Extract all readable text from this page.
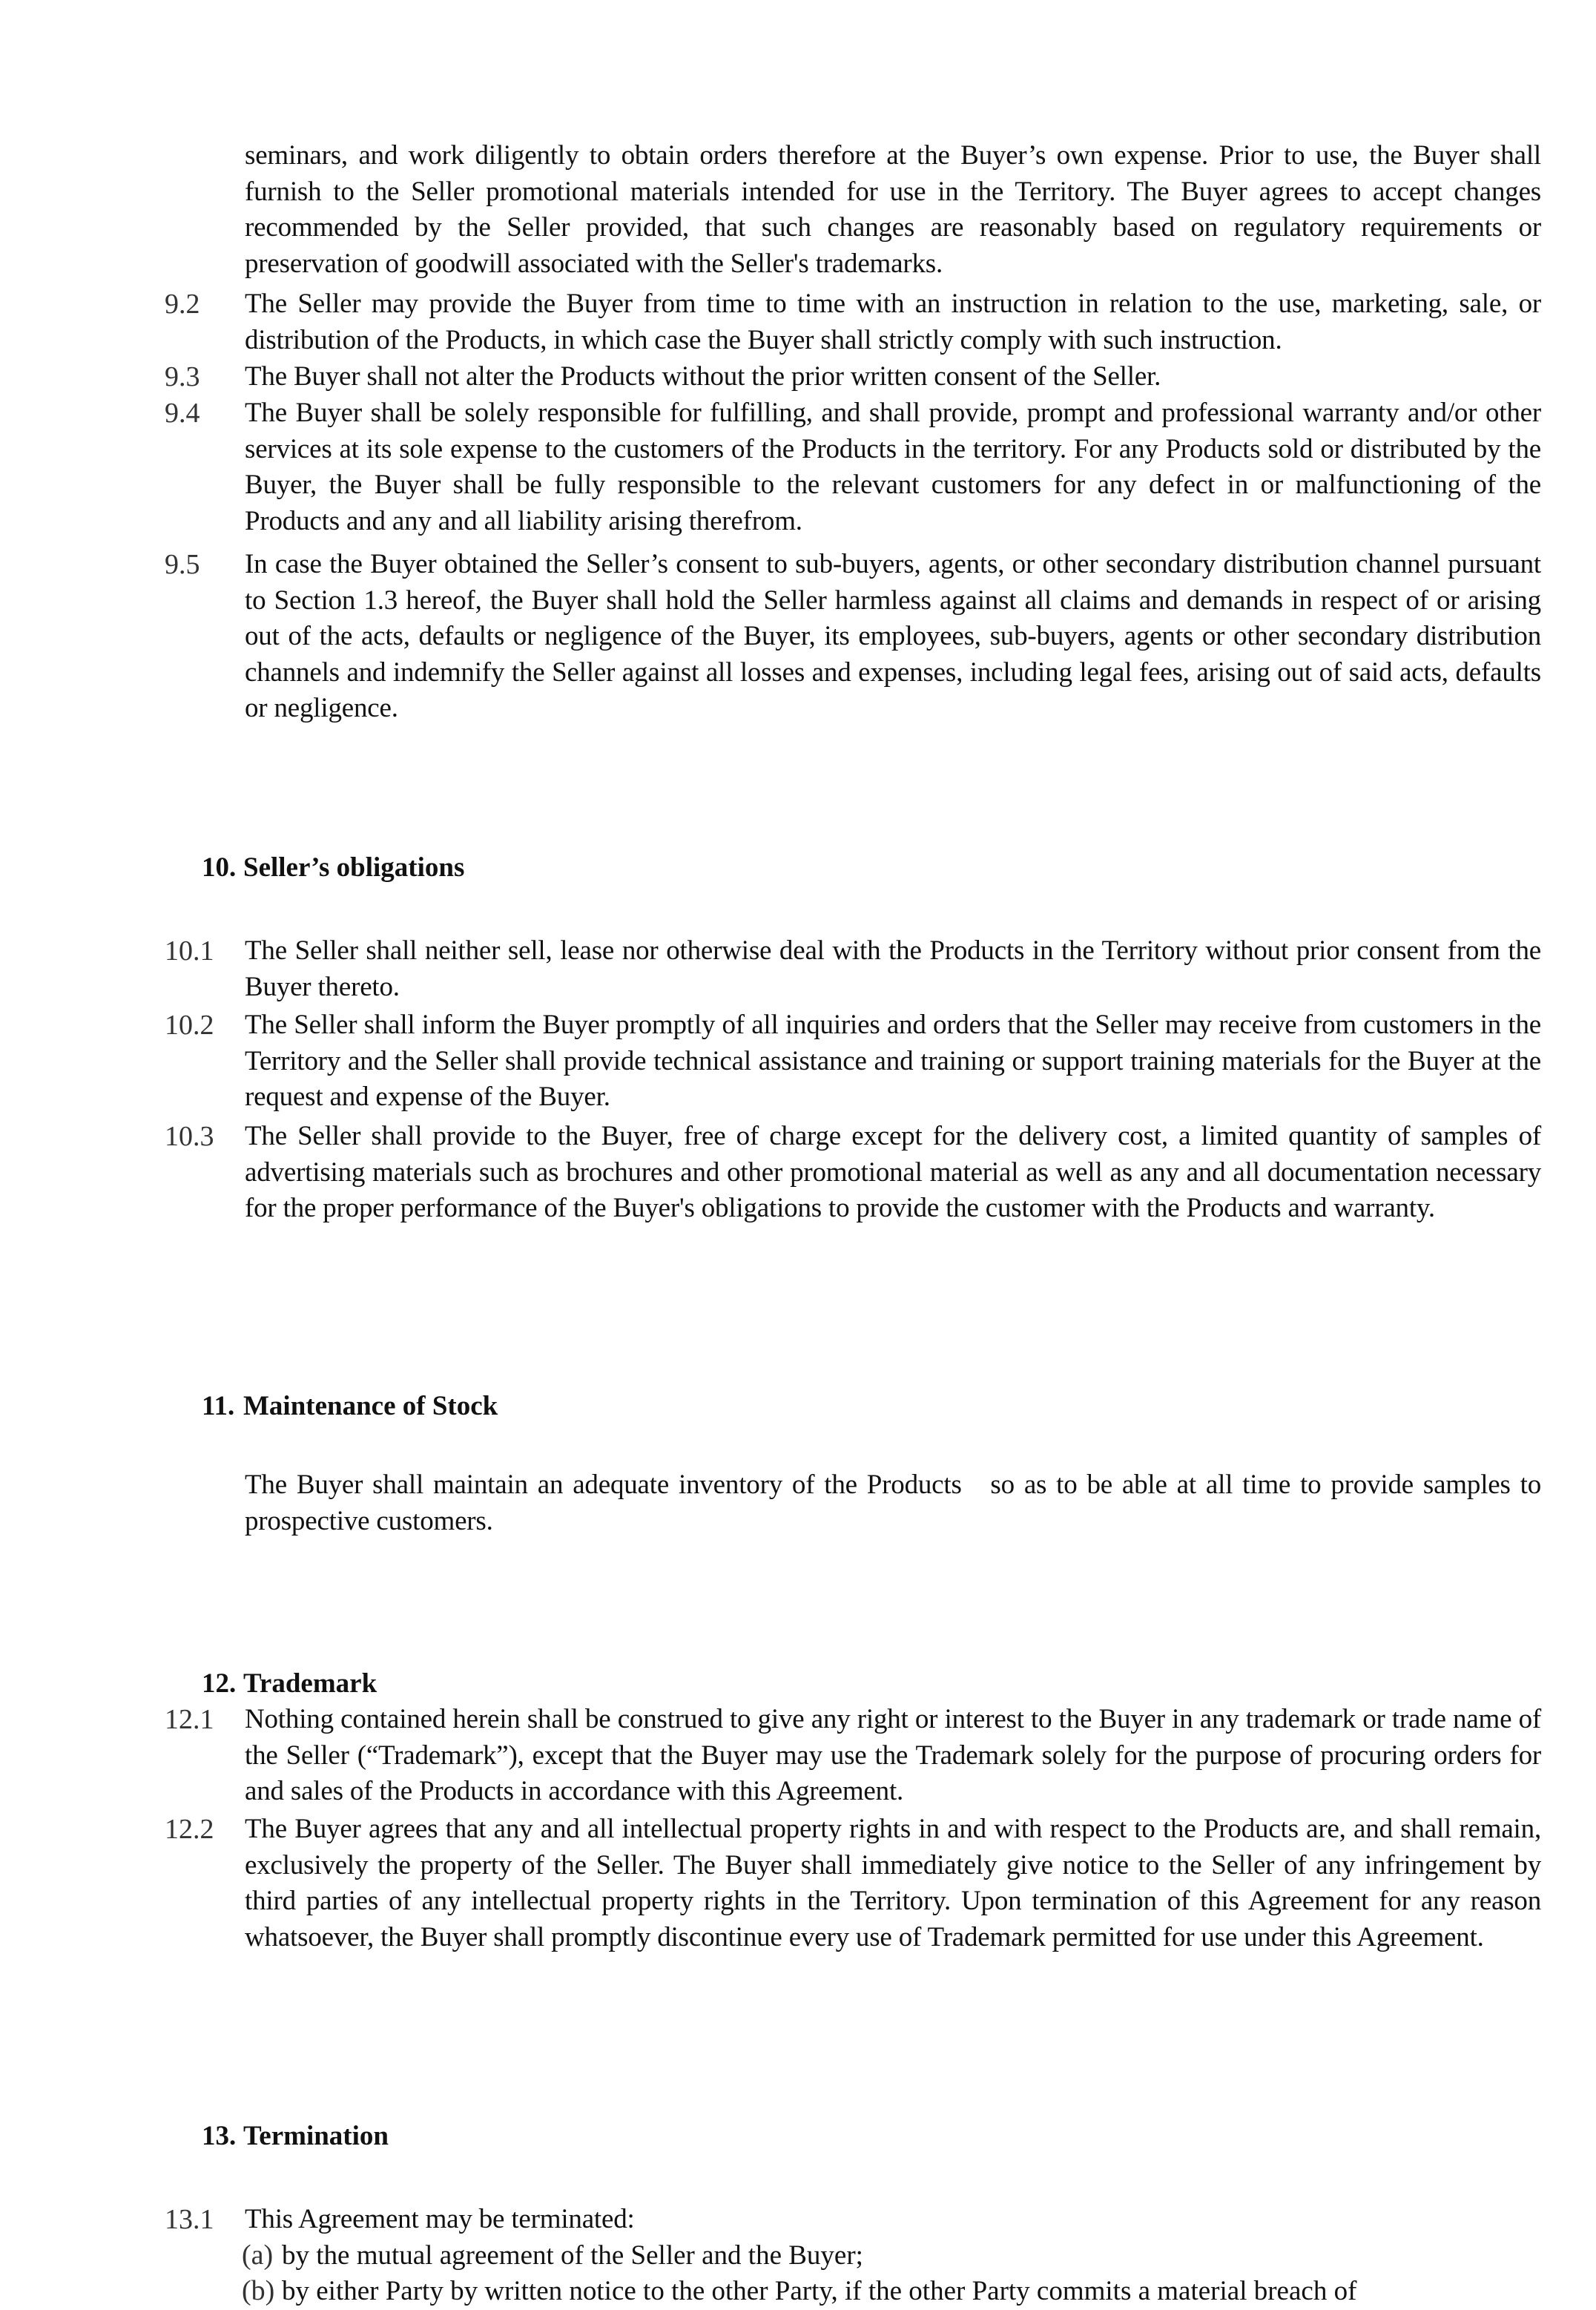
seminars, and work diligently to obtain orders therefore at the Buyer’s own expense. Prior to use, the Buyer shall furnish to the Seller promotional materials intended for use in the Territory. The Buyer agrees to accept changes recommended by the Seller provided, that such changes are reasonably based on regulatory requirements or preservation of goodwill associated with the Seller's trademarks.
9.2	The Seller may provide the Buyer from time to time with an instruction in relation to the use, marketing, sale, or distribution of the Products, in which case the Buyer shall strictly comply with such instruction.
9.3	The Buyer shall not alter the Products without the prior written consent of the Seller.
9.4	The Buyer shall be solely responsible for fulfilling, and shall provide, prompt and professional warranty and/or other services at its sole expense to the customers of the Products in the territory. For any Products sold or distributed by the Buyer, the Buyer shall be fully responsible to the relevant customers for any defect in or malfunctioning of the Products and any and all liability arising therefrom.
9.5	In case the Buyer obtained the Seller’s consent to sub-buyers, agents, or other secondary distribution channel pursuant to Section 1.3 hereof, the Buyer shall hold the Seller harmless against all claims and demands in respect of or arising out of the acts, defaults or negligence of the Buyer, its employees, sub-buyers, agents or other secondary distribution channels and indemnify the Seller against all losses and expenses, including legal fees, arising out of said acts, defaults or negligence.
10. Seller’s obligations
10.1	The Seller shall neither sell, lease nor otherwise deal with the Products in the Territory without prior consent from the Buyer thereto.
10.2	The Seller shall inform the Buyer promptly of all inquiries and orders that the Seller may receive from customers in the Territory and the Seller shall provide technical assistance and training or support training materials for the Buyer at the request and expense of the Buyer.
10.3	The Seller shall provide to the Buyer, free of charge except for the delivery cost, a limited quantity of samples of advertising materials such as brochures and other promotional material as well as any and all documentation necessary for the proper performance of the Buyer's obligations to provide the customer with the Products and warranty.
11. Maintenance of Stock
The Buyer shall maintain an adequate inventory of the Products   so as to be able at all time to provide samples to prospective customers.
12. Trademark
12.1	Nothing contained herein shall be construed to give any right or interest to the Buyer in any trademark or trade name of the Seller (“Trademark”), except that the Buyer may use the Trademark solely for the purpose of procuring orders for and sales of the Products in accordance with this Agreement.
12.2	The Buyer agrees that any and all intellectual property rights in and with respect to the Products are, and shall remain, exclusively the property of the Seller. The Buyer shall immediately give notice to the Seller of any infringement by third parties of any intellectual property rights in the Territory. Upon termination of this Agreement for any reason whatsoever, the Buyer shall promptly discontinue every use of Trademark permitted for use under this Agreement.
13. Termination
13.1	This Agreement may be terminated:
(a) by the mutual agreement of the Seller and the Buyer;
(b) by either Party by written notice to the other Party, if the other Party commits a material breach of
